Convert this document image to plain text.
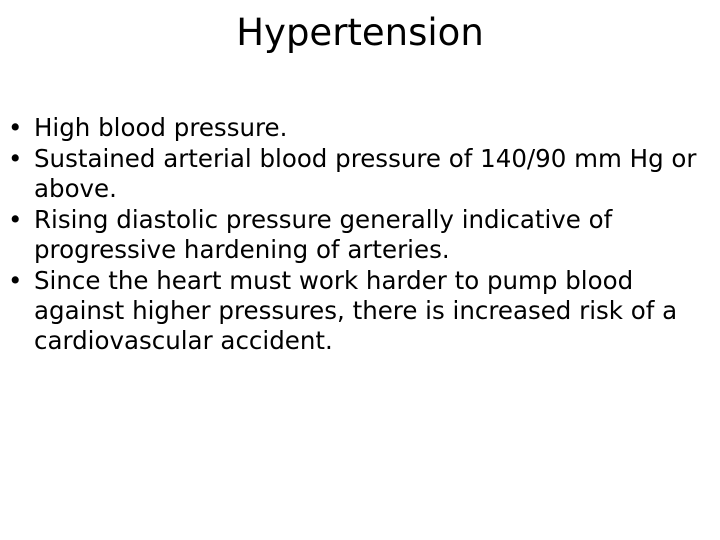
Hypertension
• High blood pressure.
• Sustained arterial blood pressure of 140/90 mm Hg or above.
• Rising diastolic pressure generally indicative of progressive hardening of arteries.
• Since the heart must work harder to pump blood against higher pressures, there is increased risk of a cardiovascular accident.
